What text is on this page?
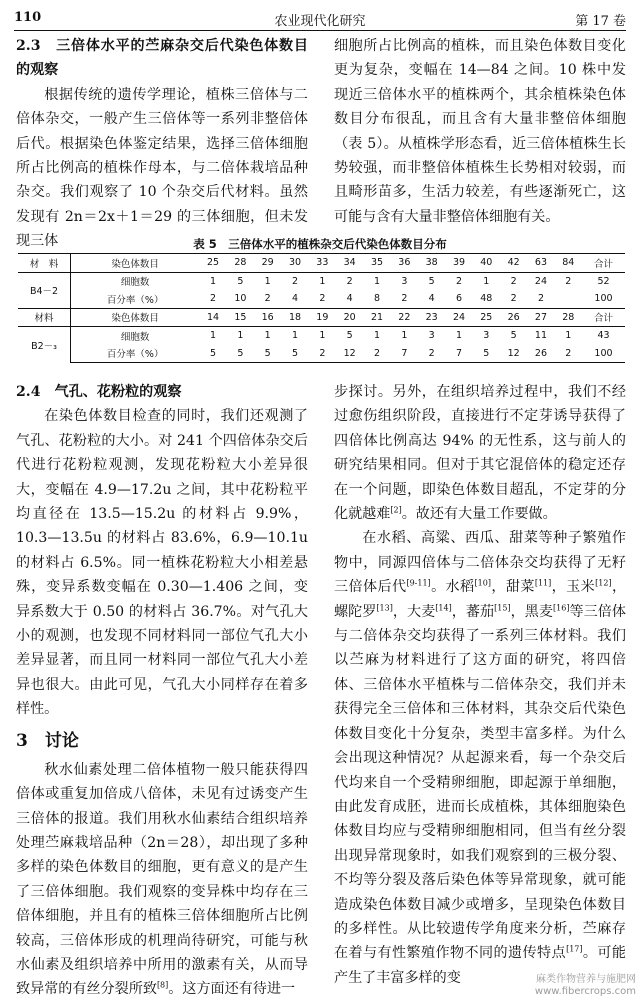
110	农业现代化研究	第 17 卷

2.3　三倍体水平的苎麻杂交后代染色体数目的观察

根据传统的遗传学理论，植株三倍体与二倍体杂交，一般产生三倍体等一系列非整倍体后代。根据染色体鉴定结果，选择三倍体细胞所占比例高的植株作母本，与二倍体栽培品种杂交。我们观察了 10 个杂交后代材料。虽然发现有 2n＝2x＋1＝29 的三体细胞，但未发现三体

细胞所占比例高的植株，而且染色体数目变化更为复杂，变幅在 14—84 之间。10 株中发现近三倍体水平的植株两个，其余植株染色体数目分布很乱，而且含有大量非整倍体细胞（表 5）。从植株学形态看，近三倍体植株生长势较强，而非整倍体植株生长势相对较弱，而且畸形苗多，生活力较差，有些逐渐死亡，这可能与含有大量非整倍体细胞有关。

表 5　三倍体水平的植株杂交后代染色体数目分布
材　料	染色体数目	25	28	29	30	33	34	35	36	38	39	40	42	63	84	合计
B4－2	细胞数	1	5	1	2	1	2	1	3	5	2	1	2	24	2	52
	百分率（%）	2	10	2	4	2	4	8	2	4	6	48	2	2		100
材料	染色体数目	14	15	16	18	19	20	21	22	23	24	25	26	27	28	合计
B2－₃	细胞数	1	1	1	1	1	5	1	1	3	1	3	5	11	1	43
	百分率（%）	5	5	5	5	2	12	2	7	2	7	5	12	26	2	100

2.4　气孔、花粉粒的观察

在染色体数目检查的同时，我们还观测了气孔、花粉粒的大小。对 241 个四倍体杂交后代进行花粉粒观测，发现花粉粒大小差异很大，变幅在 4.9—17.2u 之间，其中花粉粒平均直径在 13.5—15.2u 的材料占 9.9%，10.3—13.5u 的材料占 83.6%，6.9—10.1u 的材料占 6.5%。同一植株花粉粒大小相差悬殊，变异系数变幅在 0.30—1.406 之间，变异系数大于 0.50 的材料占 36.7%。对气孔大小的观测，也发现不同材料同一部位气孔大小差异显著，而且同一材料同一部位气孔大小差异也很大。由此可见，气孔大小同样存在着多样性。

3　讨论

秋水仙素处理二倍体植物一般只能获得四倍体或重复加倍成八倍体，未见有过诱变产生三倍体的报道。我们用秋水仙素结合组织培养处理苎麻栽培品种（2n＝28），却出现了多种多样的染色体数目的细胞，更有意义的是产生了三倍体细胞。我们观察的变异株中均存在三倍体细胞，并且有的植株三倍体细胞所占比例较高，三倍体形成的机理尚待研究，可能与秋水仙素及组织培养中所用的激素有关，从而导致异常的有丝分裂所致[8]。这方面还有待进一

步探讨。另外，在组织培养过程中，我们不经过愈伤组织阶段，直接进行不定芽诱导获得了四倍体比例高达 94% 的无性系，这与前人的研究结果相同。但对于其它混倍体的稳定还存在一个问题，即染色体数目超乱，不定芽的分化就越难[2]。故还有大量工作要做。

在水稻、高粱、西瓜、甜菜等种子繁殖作物中，同源四倍体与二倍体杂交均获得了无籽三倍体后代[9-11]。水稻[10]，甜菜[11]，玉米[12]，螺陀罗[13]，大麦[14]，蕃茄[15]，黑麦[16]等三倍体与二倍体杂交均获得了一系列三体材料。我们以苎麻为材料进行了这方面的研究，将四倍体、三倍体水平植株与二倍体杂交，我们并未获得完全三倍体和三体材料，其杂交后代染色体数目变化十分复杂，类型丰富多样。为什么会出现这种情况？从起源来看，每一个杂交后代均来自一个受精卵细胞，即起源于单细胞，由此发育成胚，进而长成植株，其体细胞染色体数目均应与受精卵细胞相同，但当有丝分裂出现异常现象时，如我们观察到的三极分裂、不均等分裂及落后染色体等异常现象，就可能造成染色体数目减少或增多，呈现染色体数目的多样性。从比较遗传学角度来分析，苎麻存在着与有性繁殖作物不同的遗传特点[17]。可能产生了丰富多样的变	麻类作物营养与施肥网
www.fibercrops.com
